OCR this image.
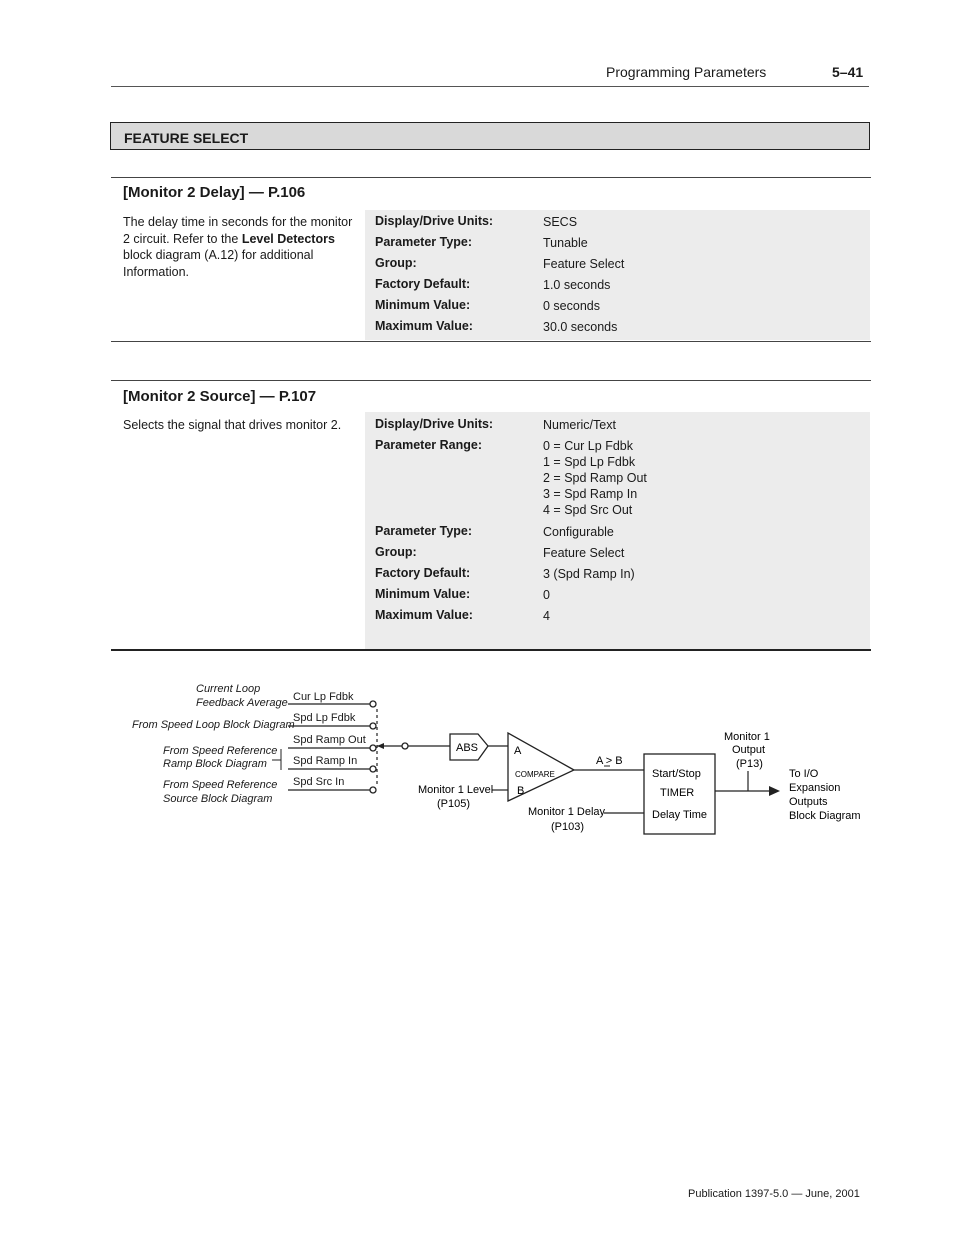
Programming Parameters	5–41
FEATURE SELECT
[Monitor 2 Delay] — P.106
The delay time in seconds for the monitor 2 circuit. Refer to the Level Detectors block diagram (A.12) for additional Information.
Display/Drive Units:	SECS
Parameter Type:	Tunable
Group:	Feature Select
Factory Default:	1.0 seconds
Minimum Value:	0 seconds
Maximum Value:	30.0 seconds
[Monitor 2 Source] — P.107
Selects the signal that drives monitor 2.	Display/Drive Units:	Numeric/Text
Parameter Range:	0 = Cur Lp Fdbk
1 = Spd Lp Fdbk
2 = Spd Ramp Out
3 = Spd Ramp In
4 = Spd Src Out
Parameter Type:	Configurable
Group:	Feature Select
Factory Default:	3 (Spd Ramp In)
Minimum Value:	0
Maximum Value:	4
Current Loop
Feedback Average
From Speed Loop Block Diagram
From Speed Reference
Ramp Block Diagram
From Speed Reference
Source Block Diagram
Cur Lp Fdbk
Spd Lp Fdbk
Spd Ramp Out
Spd Ramp In
Spd Src In
ABS	A
COMPARE
B
Monitor 1 Level
(P105)
A > B
Start/Stop
TIMER
Delay Time
Monitor 1 Delay
(P103)
Monitor 1
Output
(P13)
To I/O
Expansion
Outputs
Block Diagram
Publication 1397-5.0 — June, 2001
